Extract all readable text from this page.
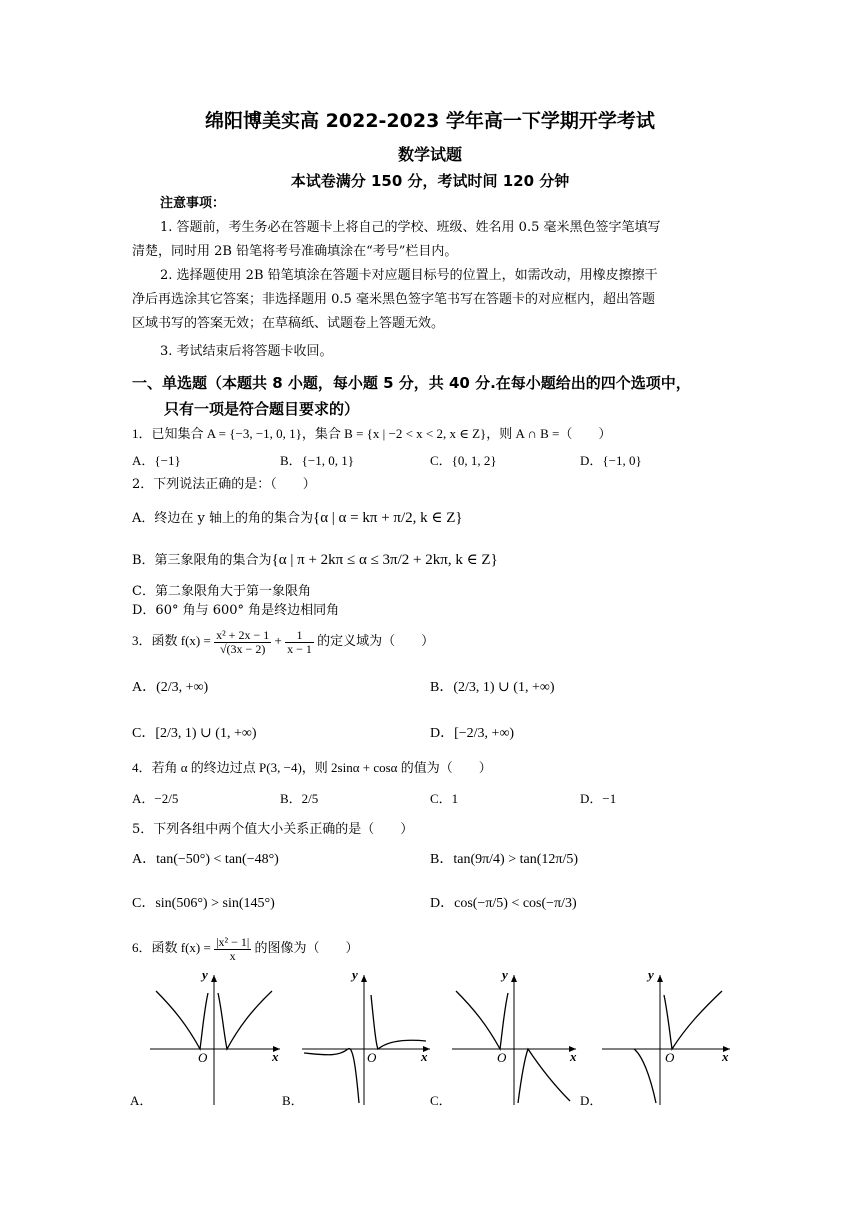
绵阳博美实高 2022-2023 学年高一下学期开学考试
数学试题
本试卷满分 150 分，考试时间 120 分钟
注意事项：
1. 答题前，考生务必在答题卡上将自己的学校、班级、姓名用 0.5 毫米黑色签字笔填写
清楚，同时用 2B 铅笔将考号准确填涂在“考号”栏目内。
2. 选择题使用 2B 铅笔填涂在答题卡对应题目标号的位置上，如需改动，用橡皮擦擦干
净后再选涂其它答案；非选择题用 0.5 毫米黑色签字笔书写在答题卡的对应框内，超出答题
区域书写的答案无效；在草稿纸、试题卷上答题无效。
3. 考试结束后将答题卡收回。
一、单选题（本题共 8 小题，每小题 5 分，共 40 分.在每小题给出的四个选项中，
只有一项是符合题目要求的）
1．已知集合 A = {−3, −1, 0, 1}，集合 B = {x | −2 < x < 2, x ∈ Z}，则 A ∩ B =（　　）
A．{−1}	B．{−1, 0, 1}	C．{0, 1, 2}	D．{−1, 0}
2．下列说法正确的是：（　　）
A．终边在 y 轴上的角的集合为{α | α = kπ + π/2, k ∈ Z}
B．第三象限角的集合为{α | π + 2kπ ≤ α ≤ 3π/2 + 2kπ, k ∈ Z}
C．第二象限角大于第一象限角
D．60° 角与 600° 角是终边相同角
3．函数 $f(x) = \frac{\text{x² + 2x − 1}}{√(3x - 2)} + \frac{1}{x - 1}$ 的定义域为（　　）
A．(2/3, +∞)	B．(2/3, 1) ∪ (1, +∞)
C．[2/3, 1) ∪ (1, +∞)	D．[−2/3, +∞)
4．若角 α 的终边过点 P(3, −4)，则 2sinα + cosα 的值为（　　）
A．−2/5	B．2/5	C．1	D．−1
5．下列各组中两个值大小关系正确的是（　　）
A．tan(−50°) < tan(−48°)	B．tan(9π/4) > tan(12π/5)
C．sin(506°) > sin(145°)	D．cos(−π/5) < cos(−π/3)
6．函数 $f(x) = \frac{\text{|x² − 1|}}{x}$ 的图像为（　　）
y
x
O
A．
y
x
O
B．
y
x
O
C．
y
x
O
D．
